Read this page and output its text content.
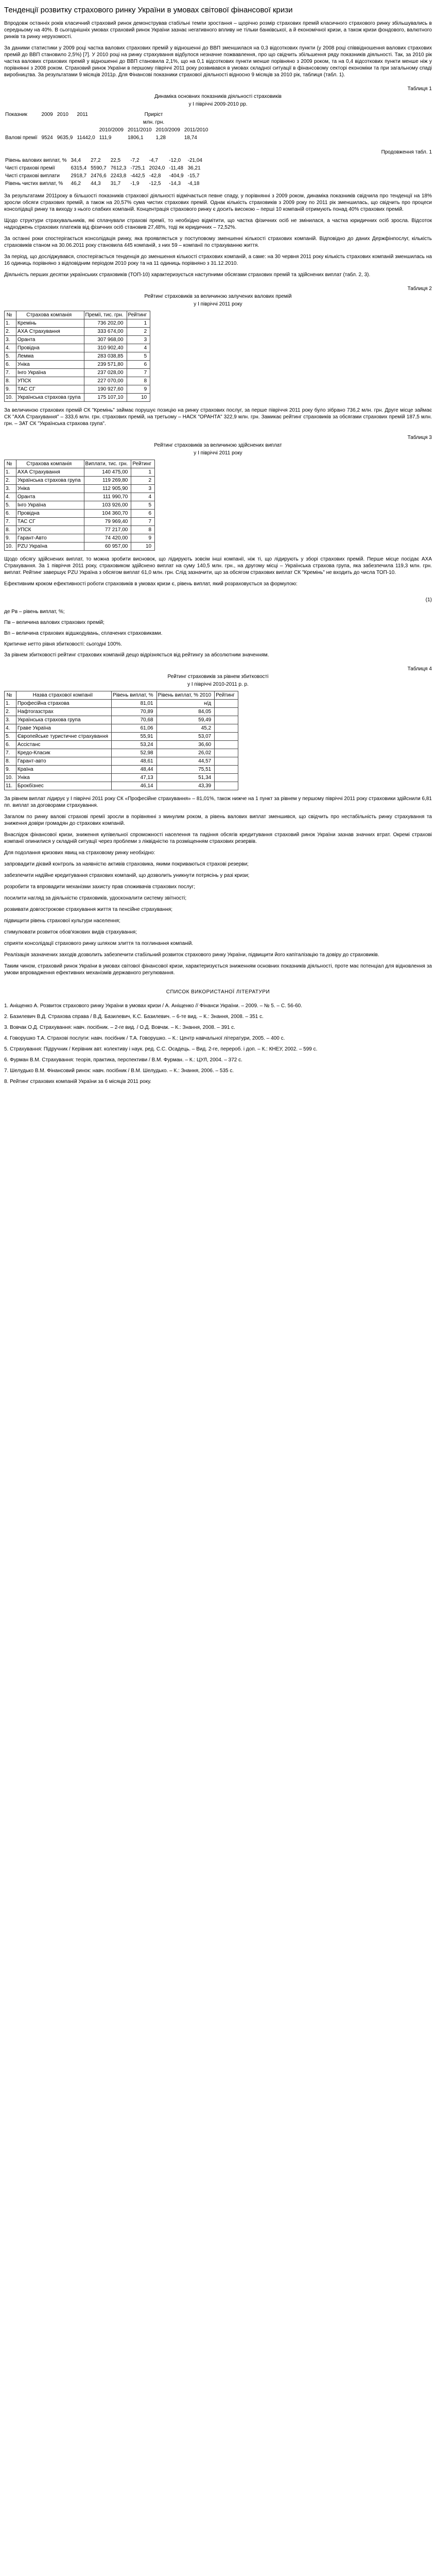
Тенденції розвитку страхового ринку України в умовах світової фінансової кризи

Впродовж останніх років класичний страховий ринок демонстрував стабільні темпи зростання – щорічно розмір страхових премій класичного страхового ринку збільшувались в середньому на 40%. В сьогоднішніх умовах страховий ринок України зазнає негативного впливу не тільки банківської, а й економічної кризи, а також кризи фондового, валютного ринків та ринку нерухомості.

За даними статистики у 2009 році частка валових страхових премій у відношенні до ВВП зменшилася на 0,3 відсоткових пункти (у 2008 році співвідношення валових страхових премій до ВВП становило 2,5%) [7]. У 2010 році на ринку страхування відбулося незначне пожвавлення, про що свідчить збільшення ряду показників діяльності. Так, за 2010 рік частка валових страхових премій у відношенні до ВВП становила 2,1%, що на 0,1 відсоткових пункти менше порівняно з 2009 роком, та на 0,4 відсоткових пункти менше ніж у порівнянні з 2008 роком. Страховий ринок України в першому півріччі 2011 року розвивався в умовах складної ситуації в фінансовому секторі економіки та при загальному спаді виробництва. За результатами 9 місяців 2011р. Для Фінансові показники страхової діяльності відносно 9 місяців за 2010 рік, таблиця (табл. 1).

Таблиця 1
Динаміка основних показників діяльності страховиків
у I півріччі 2009-2010 рр.
Показник	2009	2010	2011	Приріст			
				млн. грн.			
				2010/2009	2011/2010	2010/2009	2011/2010
Валові премії	9524	9635,9	11442,0	111,9	1806,1	1,28	18,74
Продовження табл. 1
Рівень валових виплат, %	34,4	27,2	22,5	-7,2	-4,7	-12,0	-21,04
Чисті страхові премії	6315,4	5590,7	7612,3	-725,1	2024,0	-11,48	36,21
Чисті страхові виплати	2918,7	2476,6	2243,8	-442,5	-42,8	-404,9	-15,7
Рівень чистих виплат, %	46,2	44,3	31,7	-1,9	-12,5	-14,3	-4,18

За результатами 2011року в більшості показників страхової діяльності відмічається певне спаду, у порівнянні з 2009 роком, динаміка показників свідчила про тенденції на 18% зросли обсяги страхових премій, а також на 20,57% сума чистих страхових премій. Однак кількість страховиків з 2009 року по 2011 рік зменшилась, що свідчить про процеси консолідації ринку та виходу з нього слабких компаній. Концентрація страхового ринку є досить високою – перші 10 компаній отримують понад 40% страхових премій.

Щодо структури страхувальників, які сплачували страхові премії, то необхідно відмітити, що частка фізичних осіб не змінилася, а частка юридичних осіб зросла. Відсоток надходжень страхових платежів від фізичних осіб становив 27,48%, тоді як юридичних – 72,52%.

За останні роки спостерігається консолідація ринку, яка проявляється у поступовому зменшенні кількості страхових компаній. Відповідно до даних Держфінпослуг, кількість страховиків станом на 30.06.2011 року становила 445 компаній, з них 59 – компанії по страхуванню життя.

За період, що досліджувався, спостерігається тенденція до зменшення кількості страхових компаній, а саме: на 30 червня 2011 року кількість страхових компаній зменшилась на 16 одиниць порівняно з відповідним періодом 2010 року та на 11 одиниць порівняно з 31.12.2010.

Діяльність перших десятки українських страховиків (ТОП-10) характеризується наступними обсягами страхових премій та здійснених виплат (табл. 2, 3).

Таблиця 2
Рейтинг страховиків за величиною залучених валових премій
у I півріччі 2011 року
№	Страхова компанія	Премії, тис. грн.	Рейтинг
1.	Кремінь	736 202,00	1
2.	АХА Страхування	333 674,00	2
3.	Оранта	307 968,00	3
4.	Провідна	310 902,40	4
5.	Лемма	283 038,85	5
6.	Уніка	239 571,80	6
7.	Інго Україна	237 028,00	7
8.	УПСК	227 070,00	8
9.	ТАС СГ	190 927,60	9
10.	Українська страхова група	175 107,10	10

За величиною страхових премій СК "Кремінь" займає порушує позицію на ринку страхових послуг, за перше півріччя 2011 року було зібрано 736,2 млн. грн. Друге місце займає СК "АХА Страхування" – 333,6 млн. грн. страхових премій, на третьому – НАСК "ОРАНТА" 322,9 млн. грн. Замикає рейтинг страховиків за обсягами страхових премій 187,5 млн. грн. – ЗАТ СК "Українська страхова група".

Таблиця 3
Рейтинг страховиків за величиною здійснених виплат
у I півріччі 2011 року
№	Страхова компанія	Виплати, тис. грн.	Рейтинг
1.	АХА Страхування	140 475,00	1
2.	Українська страхова група	119 269,80	2
3.	Уніка	112 905,90	3
4.	Оранта	111 990,70	4
5.	Інго Україна	103 926,00	5
6.	Провідна	104 360,70	6
7.	ТАС СГ	79 969,40	7
8.	УПСК	77 217,00	8
9.	Гарант-Авто	74 420,00	9
10.	PZU Україна	60 957,00	10

Щодо обсягу здійснених виплат, то можна зробити висновок, що лідирують зовсім інші компанії, ніж ті, що лідирують у зборі страхових премій. Перше місце посідає АХА Страхування. За 1 півріччя 2011 року, страховиком здійснено виплат на суму 140,5 млн. грн., на другому місці – Українська страхова група, яка забезпечила 119,3 млн. грн. виплат. Рейтинг завершує PZU Україна з обсягом виплат 61,0 млн. грн. Слід зазначити, що за обсягом страхових виплат СК "Кремінь" не входить до числа ТОП-10.

Ефективним кроком ефективності роботи страховиків в умовах кризи є, рівень виплат, який розраховується за формулою:

(1)

де Рв – рівень виплат, %;

Пв – величина валових страхових премій;

Вп – величина страхових відшкодувань, сплачених страховиками.

Критичне нетто рівня збитковості: сьогодні 100%.

За рівнем збитковості рейтинг страхових компаній дещо відрізняється від рейтингу за абсолютним значенням.

Таблиця 4
Рейтинг страховиків за рівнем збитковості
у I півріччі 2010-2011 р. р.
№	Назва страхової компанії	Рівень виплат, %	Рівень виплат, % 2010	Рейтинг
1.	Професійна страхова	81,01	н/д	
2.	Нафтогазстрах	70,89	84,05	
3.	Українська страхова група	70,68	59,49	
4.	Гравe Україна	61,06	45,2	
5.	Європейське туристичне страхування	55,91	53,07	
6.	Ассістанс	53,24	36,60	
7.	Кредо-Класик	52,98	26,02	
8.	Гарант-авто	48,61	44,57	
9.	Країна	48,44	75,51	
10.	Уніка	47,13	51,34	
11.	Брокбізнес	46,14	43,39	

За рівнем виплат лідирує у І півріччі 2011 року СК «Професійне страхування» – 81,01%, також нижче на 1 пункт за рівнем у першому півріччі 2011 року страховики здійснили 6,81 пп. виплат за договорами страхування.

Загалом по ринку валові страхові премії зросли в порівнянні з минулим роком, а рівень валових виплат зменшився, що свідчить про нестабільність ринку страхування та зниження довіри громадян до страхових компаній.

Внаслідок фінансової кризи, зниження купівельної спроможності населення та падіння обсягів кредитування страховий ринок України зазнав значних втрат. Окремі страхові компанії опинилися у складній ситуації через проблеми з ліквідністю та розміщенням страхових резервів.

Для подолання кризових явищ на страховому ринку необхідно:

запровадити дієвий контроль за наявністю активів страховика, якими покриваються страхові резерви;

забезпечити надійне кредитування страхових компаній, що дозволить уникнути потрясінь у разі кризи;

розробити та впровадити механізми захисту прав споживачів страхових послуг;

посилити нагляд за діяльністю страховиків, удосконалити систему звітності;

розвивати довгострокове страхування життя та пенсійне страхування;

підвищити рівень страхової культури населення;

стимулювати розвиток обов'язкових видів страхування;

сприяти консолідації страхового ринку шляхом злиття та поглинання компаній.

Реалізація зазначених заходів дозволить забезпечити стабільний розвиток страхового ринку України, підвищити його капіталізацію та довіру до страховиків.

Таким чином, страховий ринок України в умовах світової фінансової кризи, характеризується зниженням основних показників діяльності, проте має потенціал для відновлення за умови впровадження ефективних механізмів державного регулювання.

СПИСОК ВИКОРИСТАНОЇ ЛІТЕРАТУРИ
1. Аніщенко А. Розвиток страхового ринку України в умовах кризи / А. Аніщенко // Фінанси України. – 2009. – № 5. – С. 56-60.
2. Базилевич В.Д. Страхова справа / В.Д. Базилевич, К.С. Базилевич. – 6-те вид. – К.: Знання, 2008. – 351 с.
3. Вовчак О.Д. Страхування: навч. посібник. – 2-ге вид. / О.Д. Вовчак. – К.: Знання, 2008. – 391 с.
4. Говорушко Т.А. Страхові послуги: навч. посібник / Т.А. Говорушко. – К.: Центр навчальної літератури, 2005. – 400 с.
5. Страхування: Підручник / Керівник авт. колективу і наук. ред. С.С. Осадець. – Вид. 2-ге, перероб. і доп. – К.: КНЕУ, 2002. – 599 с.
6. Фурман В.М. Страхування: теорія, практика, перспективи / В.М. Фурман. – К.: ЦУЛ, 2004. – 372 с.
7. Шелудько В.М. Фінансовий ринок: навч. посібник / В.М. Шелудько. – К.: Знання, 2006. – 535 с.
8. Рейтинг страхових компаній України за 6 місяців 2011 року.
